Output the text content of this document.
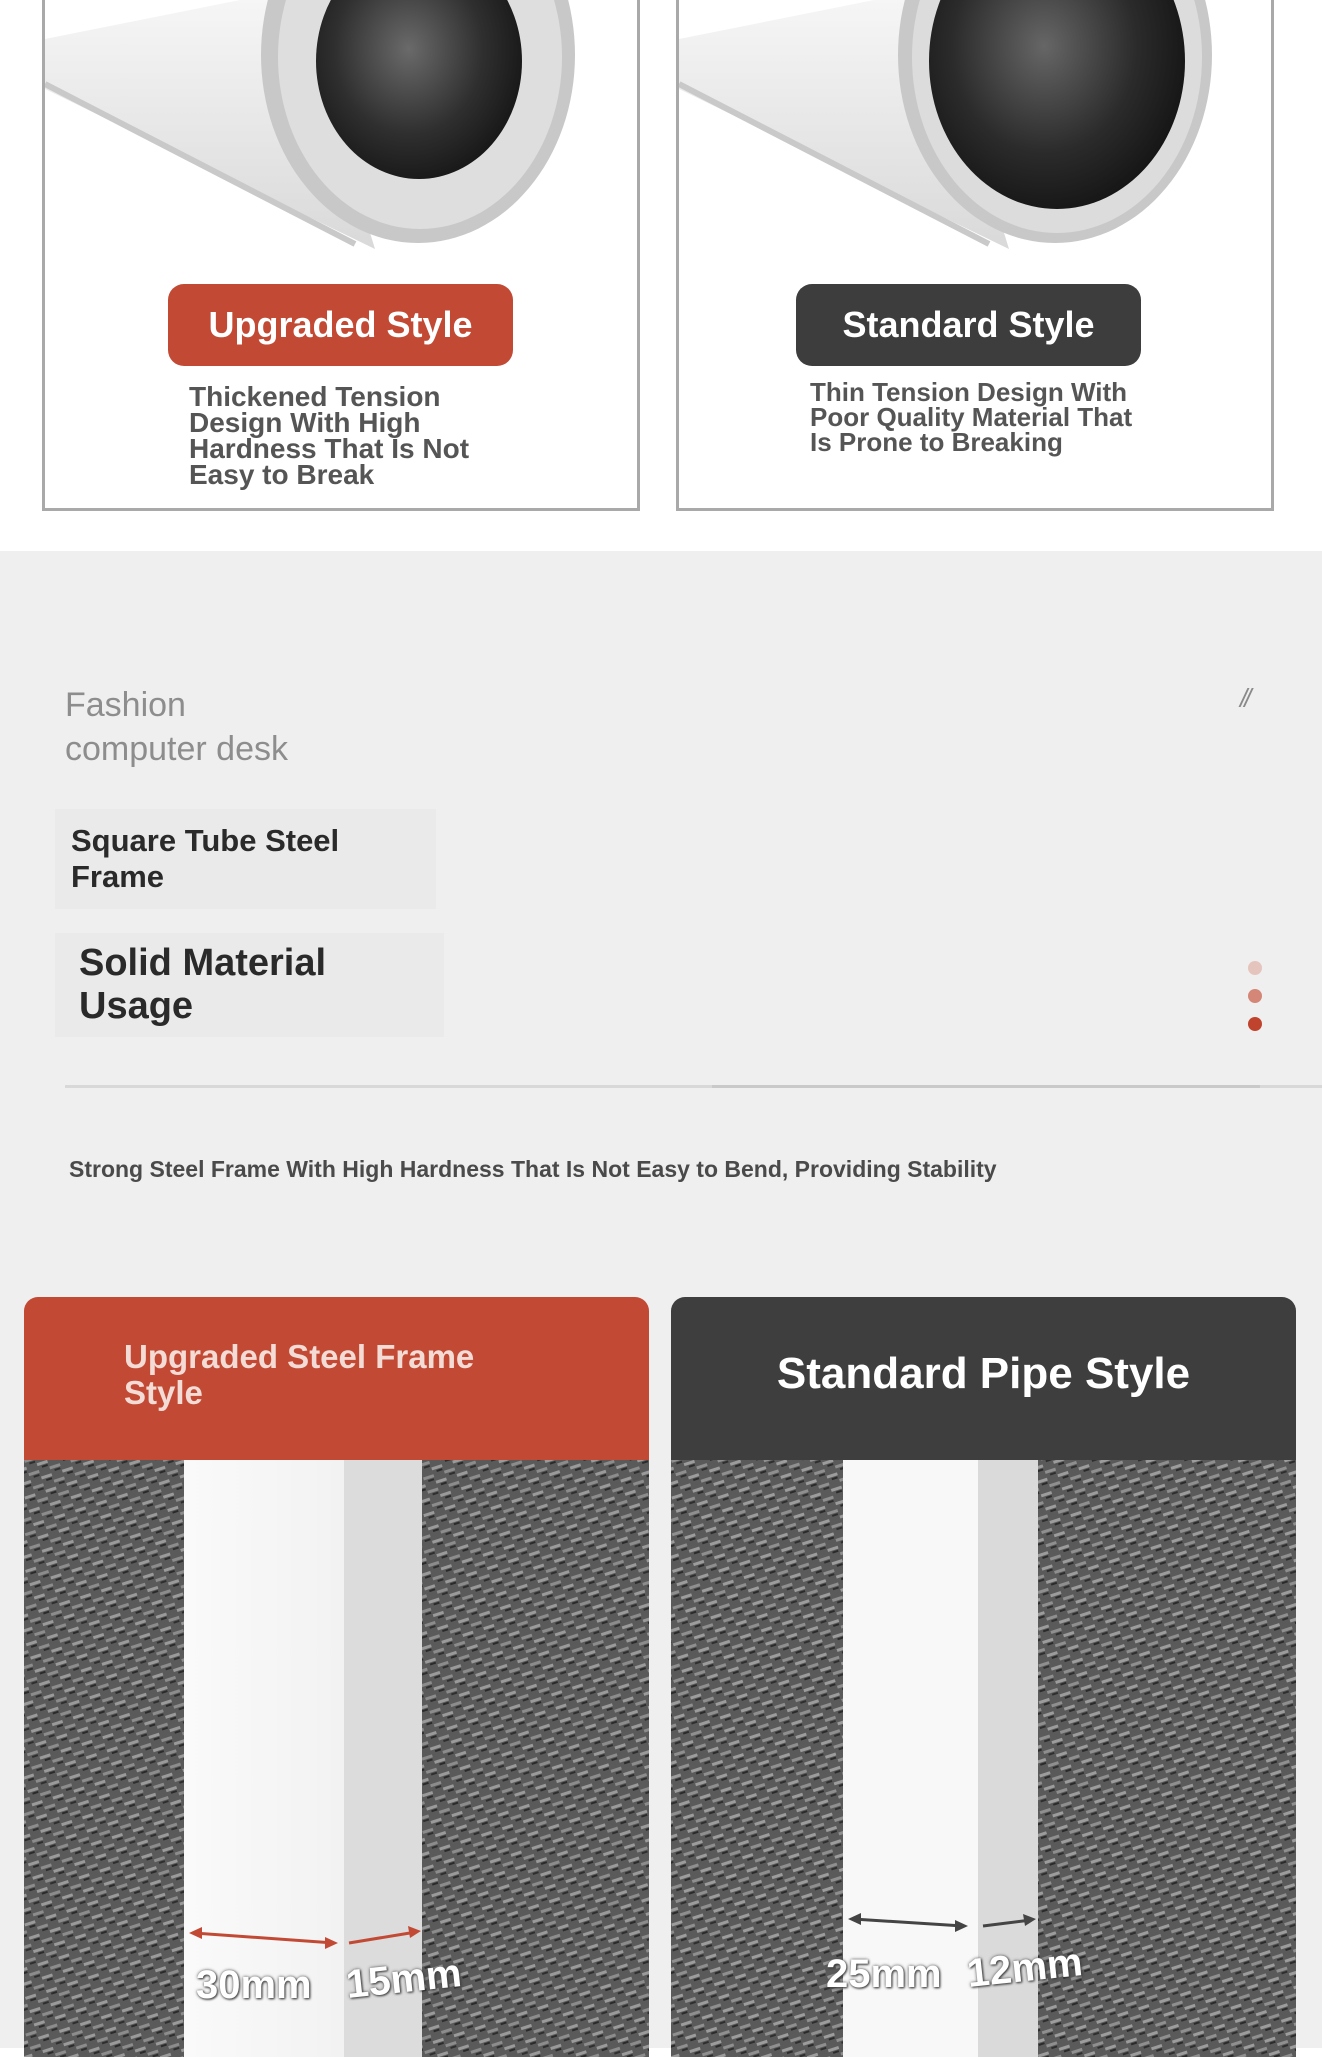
Upgraded Style
Thickened Tension Design With High Hardness That Is Not Easy to Break
Standard Style
Thin Tension Design With Poor Quality Material That Is Prone to Breaking
Fashion
computer desk
//
Square Tube Steel Frame
Solid Material Usage
Strong Steel Frame With High Hardness That Is Not Easy to Bend, Providing Stability
Upgraded Steel Frame Style
30mm 15mm
Standard Pipe Style
25mm 12mm
